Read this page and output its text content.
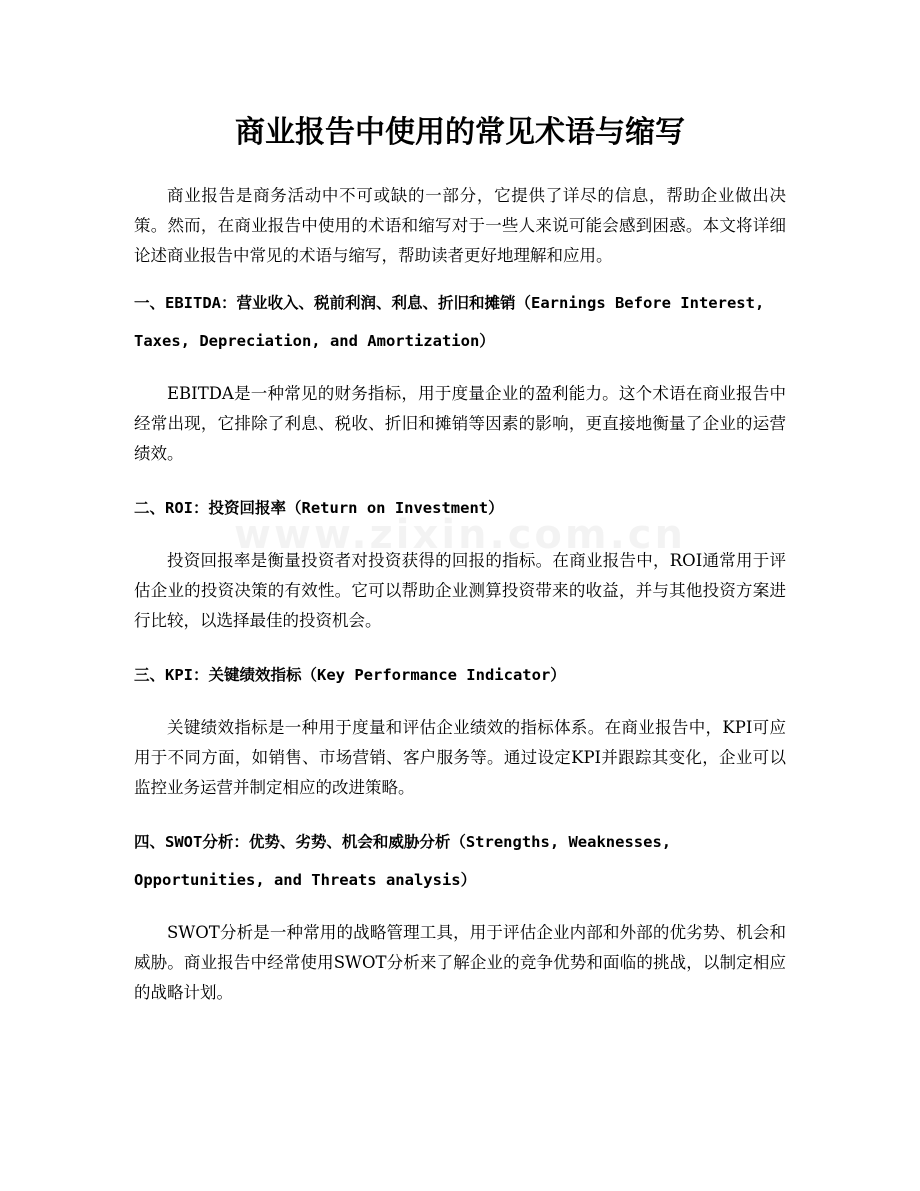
商业报告中使用的常见术语与缩写

商业报告是商务活动中不可或缺的一部分，它提供了详尽的信息，帮助企业做出决策。然而，在商业报告中使用的术语和缩写对于一些人来说可能会感到困惑。本文将详细论述商业报告中常见的术语与缩写，帮助读者更好地理解和应用。

一、EBITDA：营业收入、税前利润、利息、折旧和摊销（Earnings Before Interest, Taxes, Depreciation, and Amortization）

EBITDA是一种常见的财务指标，用于度量企业的盈利能力。这个术语在商业报告中经常出现，它排除了利息、税收、折旧和摊销等因素的影响，更直接地衡量了企业的运营绩效。

二、ROI：投资回报率（Return on Investment）

投资回报率是衡量投资者对投资获得的回报的指标。在商业报告中，ROI通常用于评估企业的投资决策的有效性。它可以帮助企业测算投资带来的收益，并与其他投资方案进行比较，以选择最佳的投资机会。

三、KPI：关键绩效指标（Key Performance Indicator）

关键绩效指标是一种用于度量和评估企业绩效的指标体系。在商业报告中，KPI可应用于不同方面，如销售、市场营销、客户服务等。通过设定KPI并跟踪其变化，企业可以监控业务运营并制定相应的改进策略。

四、SWOT分析：优势、劣势、机会和威胁分析（Strengths, Weaknesses, Opportunities, and Threats analysis）

SWOT分析是一种常用的战略管理工具，用于评估企业内部和外部的优劣势、机会和威胁。商业报告中经常使用SWOT分析来了解企业的竞争优势和面临的挑战，以制定相应的战略计划。
